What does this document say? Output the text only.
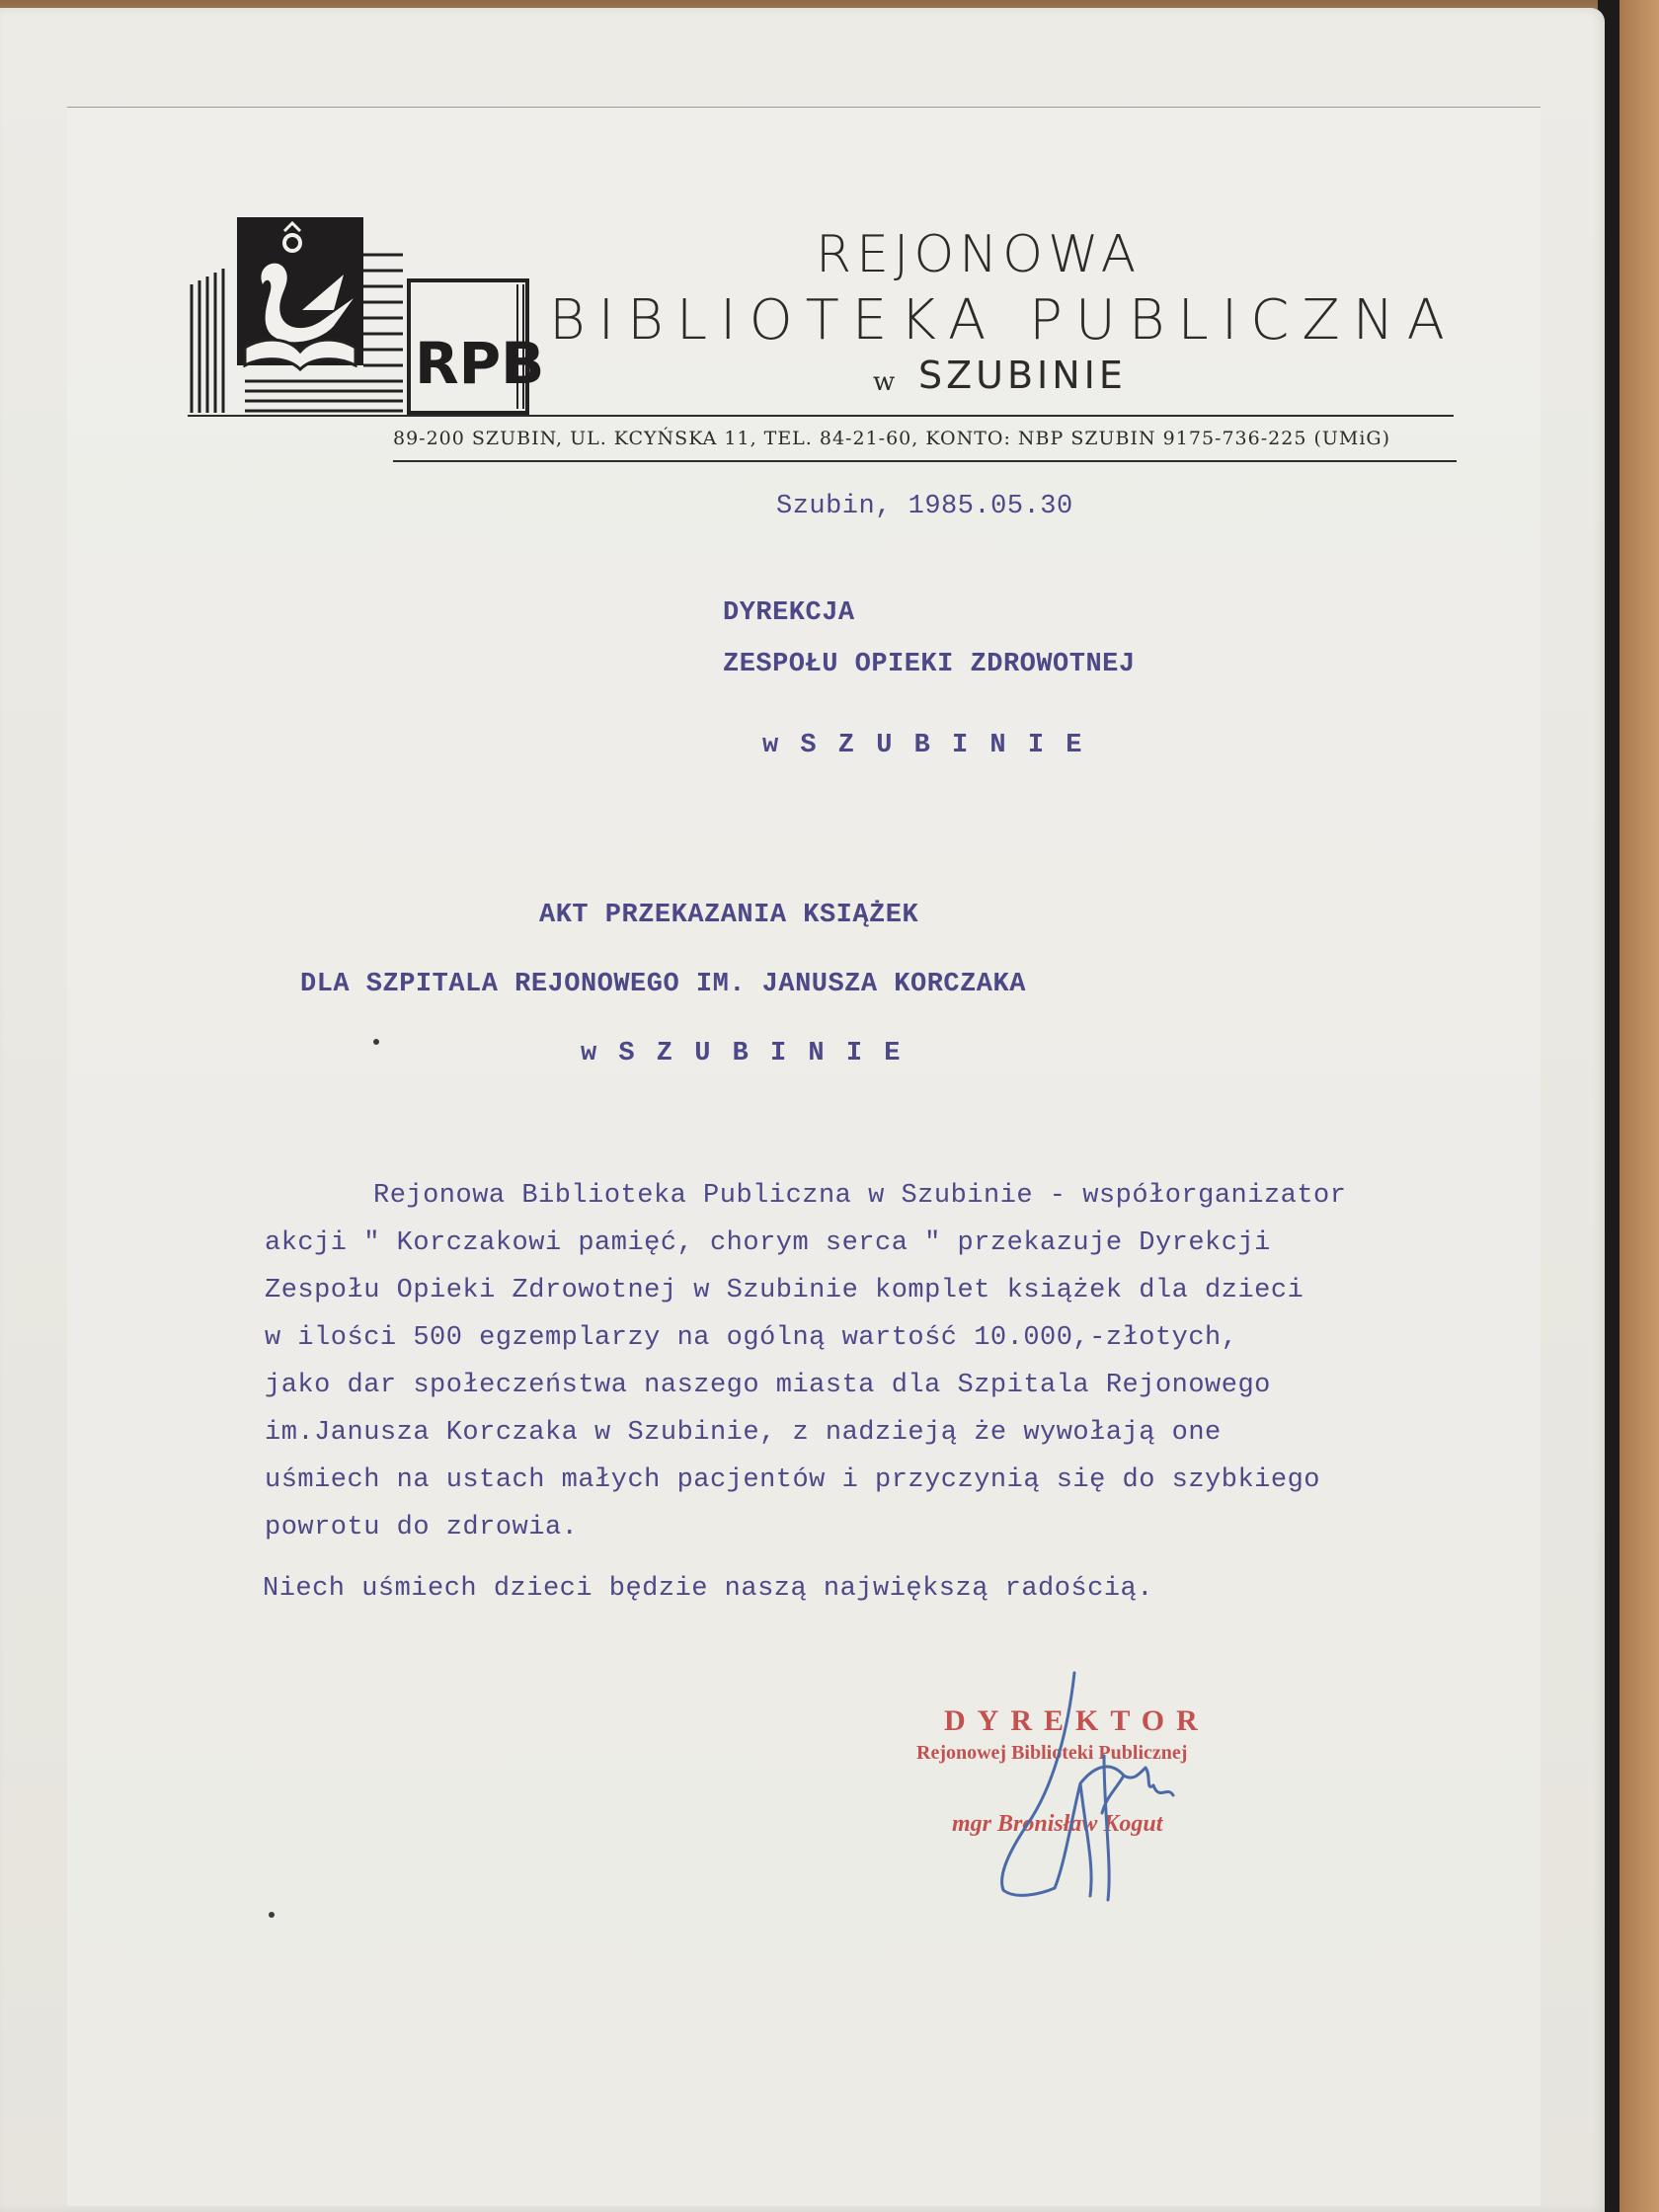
RPB
REJONOWA
BIBLIOTEKA PUBLICZNA
w SZUBINIE
89-200 SZUBIN, UL. KCYŃSKA 11, TEL. 84-21-60, KONTO: NBP SZUBIN 9175-736-225 (UMiG)
Szubin, 1985.05.30
DYREKCJA
ZESPOŁU OPIEKI ZDROWOTNEJ
w S Z U B I N I E
AKT PRZEKAZANIA KSIĄŻEK
DLA SZPITALA REJONOWEGO IM. JANUSZA KORCZAKA
w S Z U B I N I E
Rejonowa Biblioteka Publiczna w Szubinie - współorganizator
akcji " Korczakowi pamięć, chorym serca " przekazuje Dyrekcji
Zespołu Opieki Zdrowotnej w Szubinie komplet książek dla dzieci
w ilości 500 egzemplarzy na ogólną wartość 10.000,-złotych,
jako dar społeczeństwa naszego miasta dla Szpitala Rejonowego
im.Janusza Korczaka w Szubinie, z nadzieją że wywołają one
uśmiech na ustach małych pacjentów i przyczynią się do szybkiego
powrotu do zdrowia.
Niech uśmiech dzieci będzie naszą największą radością.
DYREKTOR
Rejonowej Biblioteki Publicznej
mgr Bronisław Kogut
